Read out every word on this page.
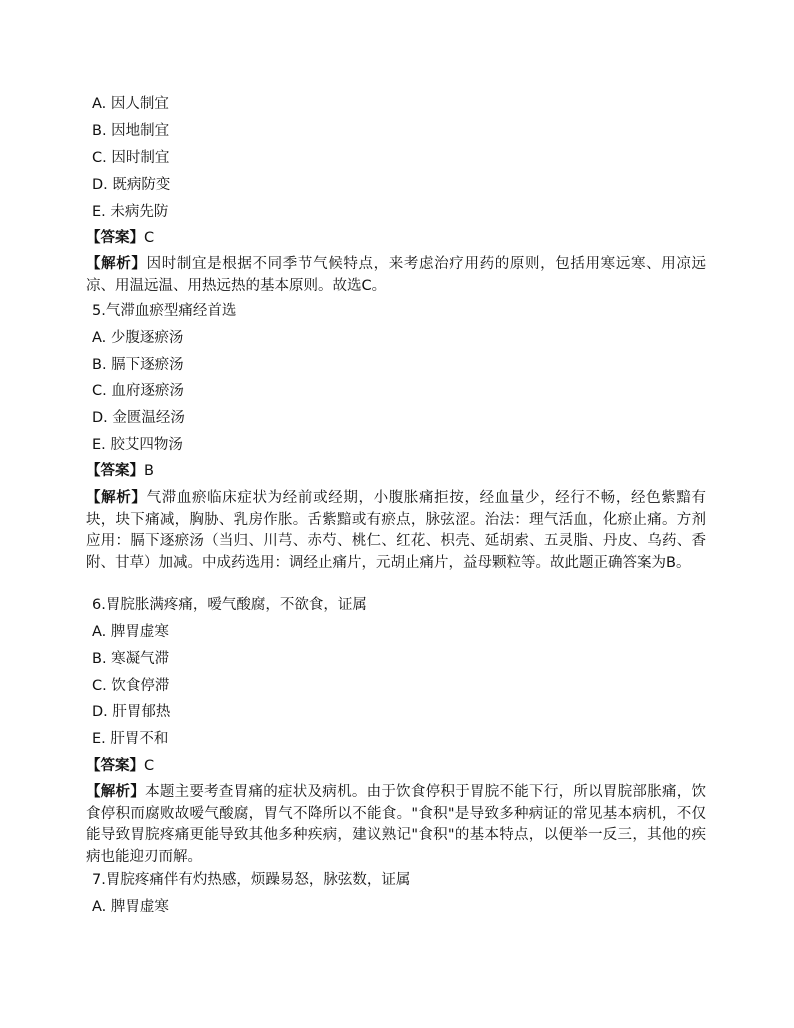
A. 因人制宜
B. 因地制宜
C. 因时制宜
D. 既病防变
E. 未病先防
【答案】C
【解析】因时制宜是根据不同季节气候特点，来考虑治疗用药的原则，包括用寒远寒、用凉远凉、用温远温、用热远热的基本原则。故选C。
5.气滞血瘀型痛经首选
A. 少腹逐瘀汤
B. 膈下逐瘀汤
C. 血府逐瘀汤
D. 金匮温经汤
E. 胶艾四物汤
【答案】B
【解析】气滞血瘀临床症状为经前或经期，小腹胀痛拒按，经血量少，经行不畅，经色紫黯有块，块下痛减，胸胁、乳房作胀。舌紫黯或有瘀点，脉弦涩。治法：理气活血，化瘀止痛。方剂应用：膈下逐瘀汤（当归、川芎、赤芍、桃仁、红花、枳壳、延胡索、五灵脂、丹皮、乌药、香附、甘草）加减。中成药选用：调经止痛片，元胡止痛片，益母颗粒等。故此题正确答案为B。
6.胃脘胀满疼痛，嗳气酸腐，不欲食，证属
A. 脾胃虚寒
B. 寒凝气滞
C. 饮食停滞
D. 肝胃郁热
E. 肝胃不和
【答案】C
【解析】本题主要考查胃痛的症状及病机。由于饮食停积于胃脘不能下行，所以胃脘部胀痛，饮食停积而腐败故嗳气酸腐，胃气不降所以不能食。"食积"是导致多种病证的常见基本病机，不仅能导致胃脘疼痛更能导致其他多种疾病，建议熟记"食积"的基本特点，以便举一反三，其他的疾病也能迎刃而解。
7.胃脘疼痛伴有灼热感，烦躁易怒，脉弦数，证属
A. 脾胃虚寒
